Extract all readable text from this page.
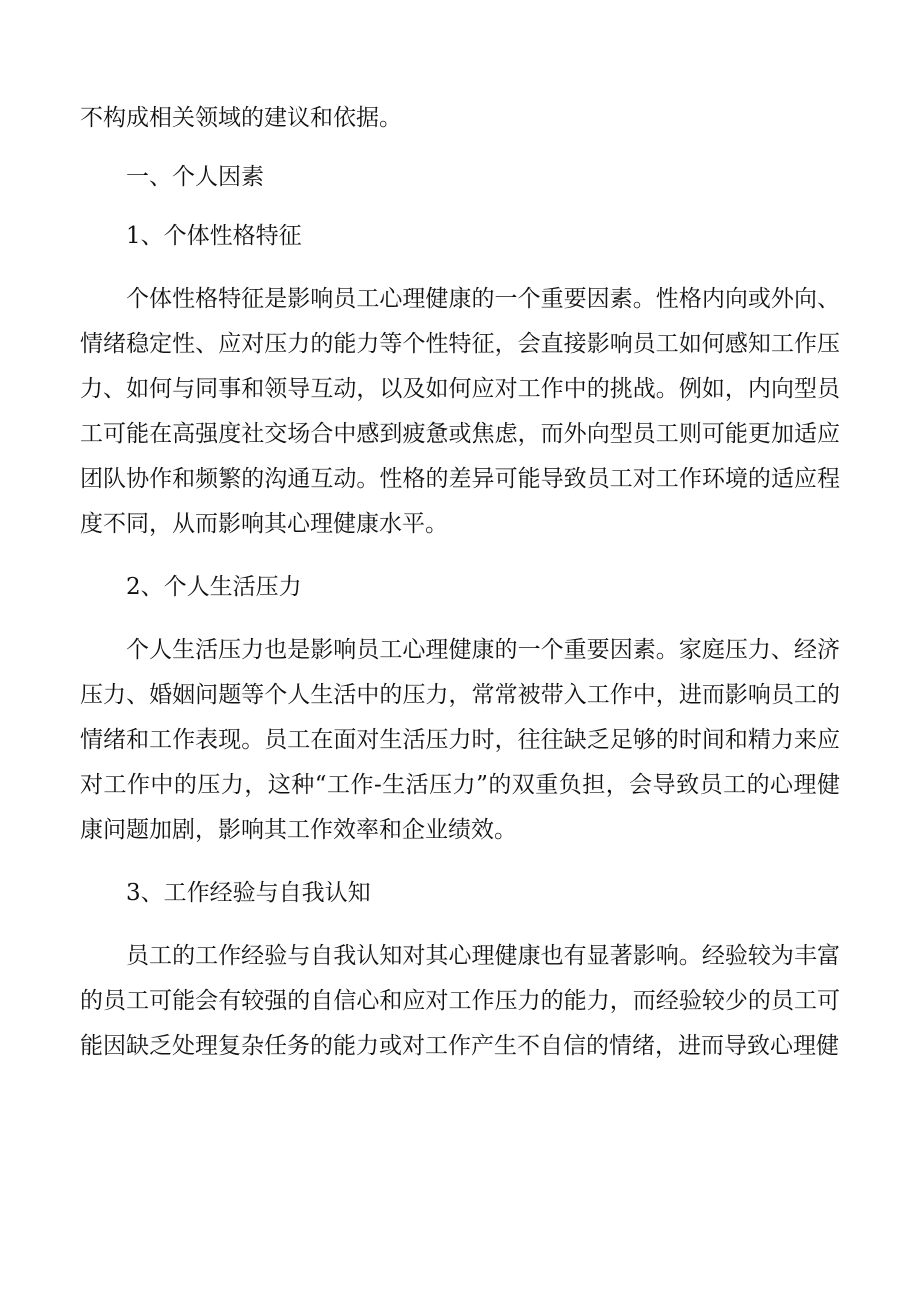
不构成相关领域的建议和依据。

一、个人因素

1、个体性格特征

个体性格特征是影响员工心理健康的一个重要因素。性格内向或外向、情绪稳定性、应对压力的能力等个性特征，会直接影响员工如何感知工作压力、如何与同事和领导互动，以及如何应对工作中的挑战。例如，内向型员工可能在高强度社交场合中感到疲惫或焦虑，而外向型员工则可能更加适应团队协作和频繁的沟通互动。性格的差异可能导致员工对工作环境的适应程度不同，从而影响其心理健康水平。

2、个人生活压力

个人生活压力也是影响员工心理健康的一个重要因素。家庭压力、经济压力、婚姻问题等个人生活中的压力，常常被带入工作中，进而影响员工的情绪和工作表现。员工在面对生活压力时，往往缺乏足够的时间和精力来应对工作中的压力，这种“工作-生活压力”的双重负担，会导致员工的心理健康问题加剧，影响其工作效率和企业绩效。

3、工作经验与自我认知

员工的工作经验与自我认知对其心理健康也有显著影响。经验较为丰富的员工可能会有较强的自信心和应对工作压力的能力，而经验较少的员工可能因缺乏处理复杂任务的能力或对工作产生不自信的情绪，进而导致心理健
